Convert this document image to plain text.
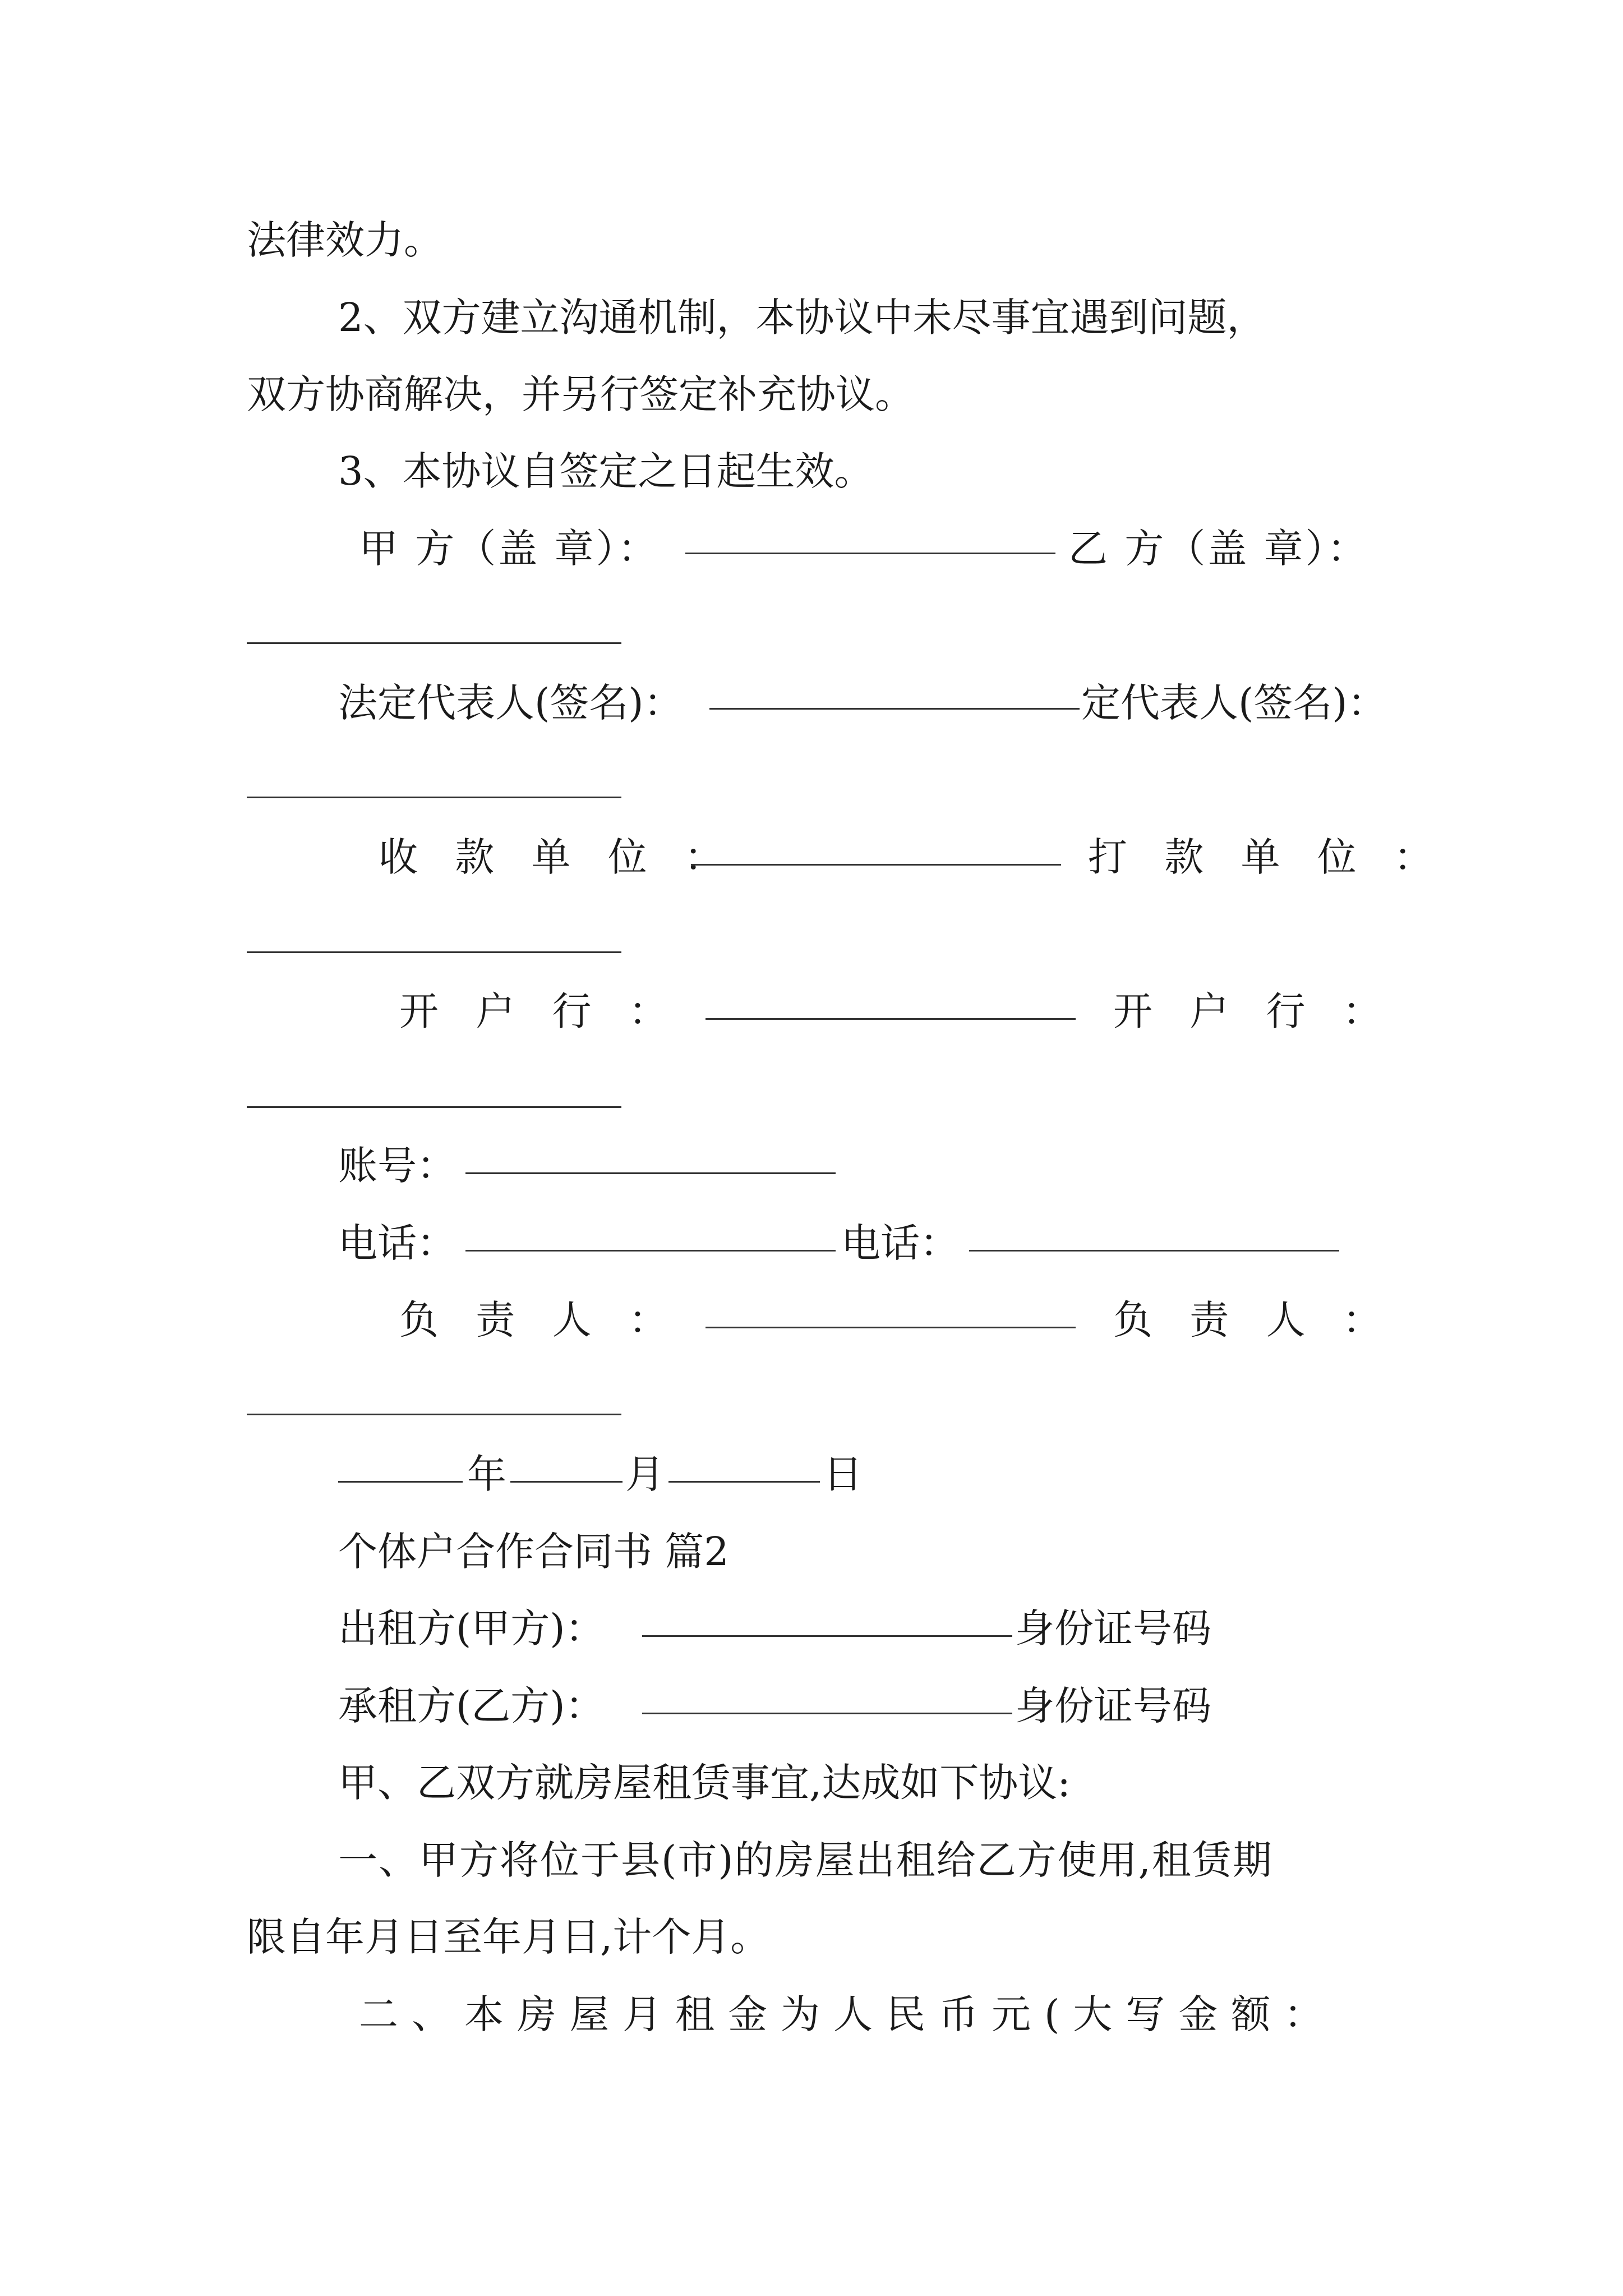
法律效力。
2、双方建立沟通机制，本协议中未尽事宜遇到问题，
双方协商解决，并另行签定补充协议。
3、本协议自签定之日起生效。
甲 方（盖 章）：	乙 方（盖 章）：
法定代表人(签名)：	定代表人(签名)：
收 款 单 位 ：	打 款 单 位 ：
开 户 行 ：	开 户 行 ：
账号：
电话：	电话：
负 责 人 ：	负 责 人 ：
年	月	日
个体户合作合同书 篇2
出租方(甲方)：	身份证号码
承租方(乙方)：	身份证号码
甲、乙双方就房屋租赁事宜,达成如下协议:
一、甲方将位于县(市)的房屋出租给乙方使用,租赁期
限自年月日至年月日,计个月。
二、本房屋月租金为人民币元(大写金额：
